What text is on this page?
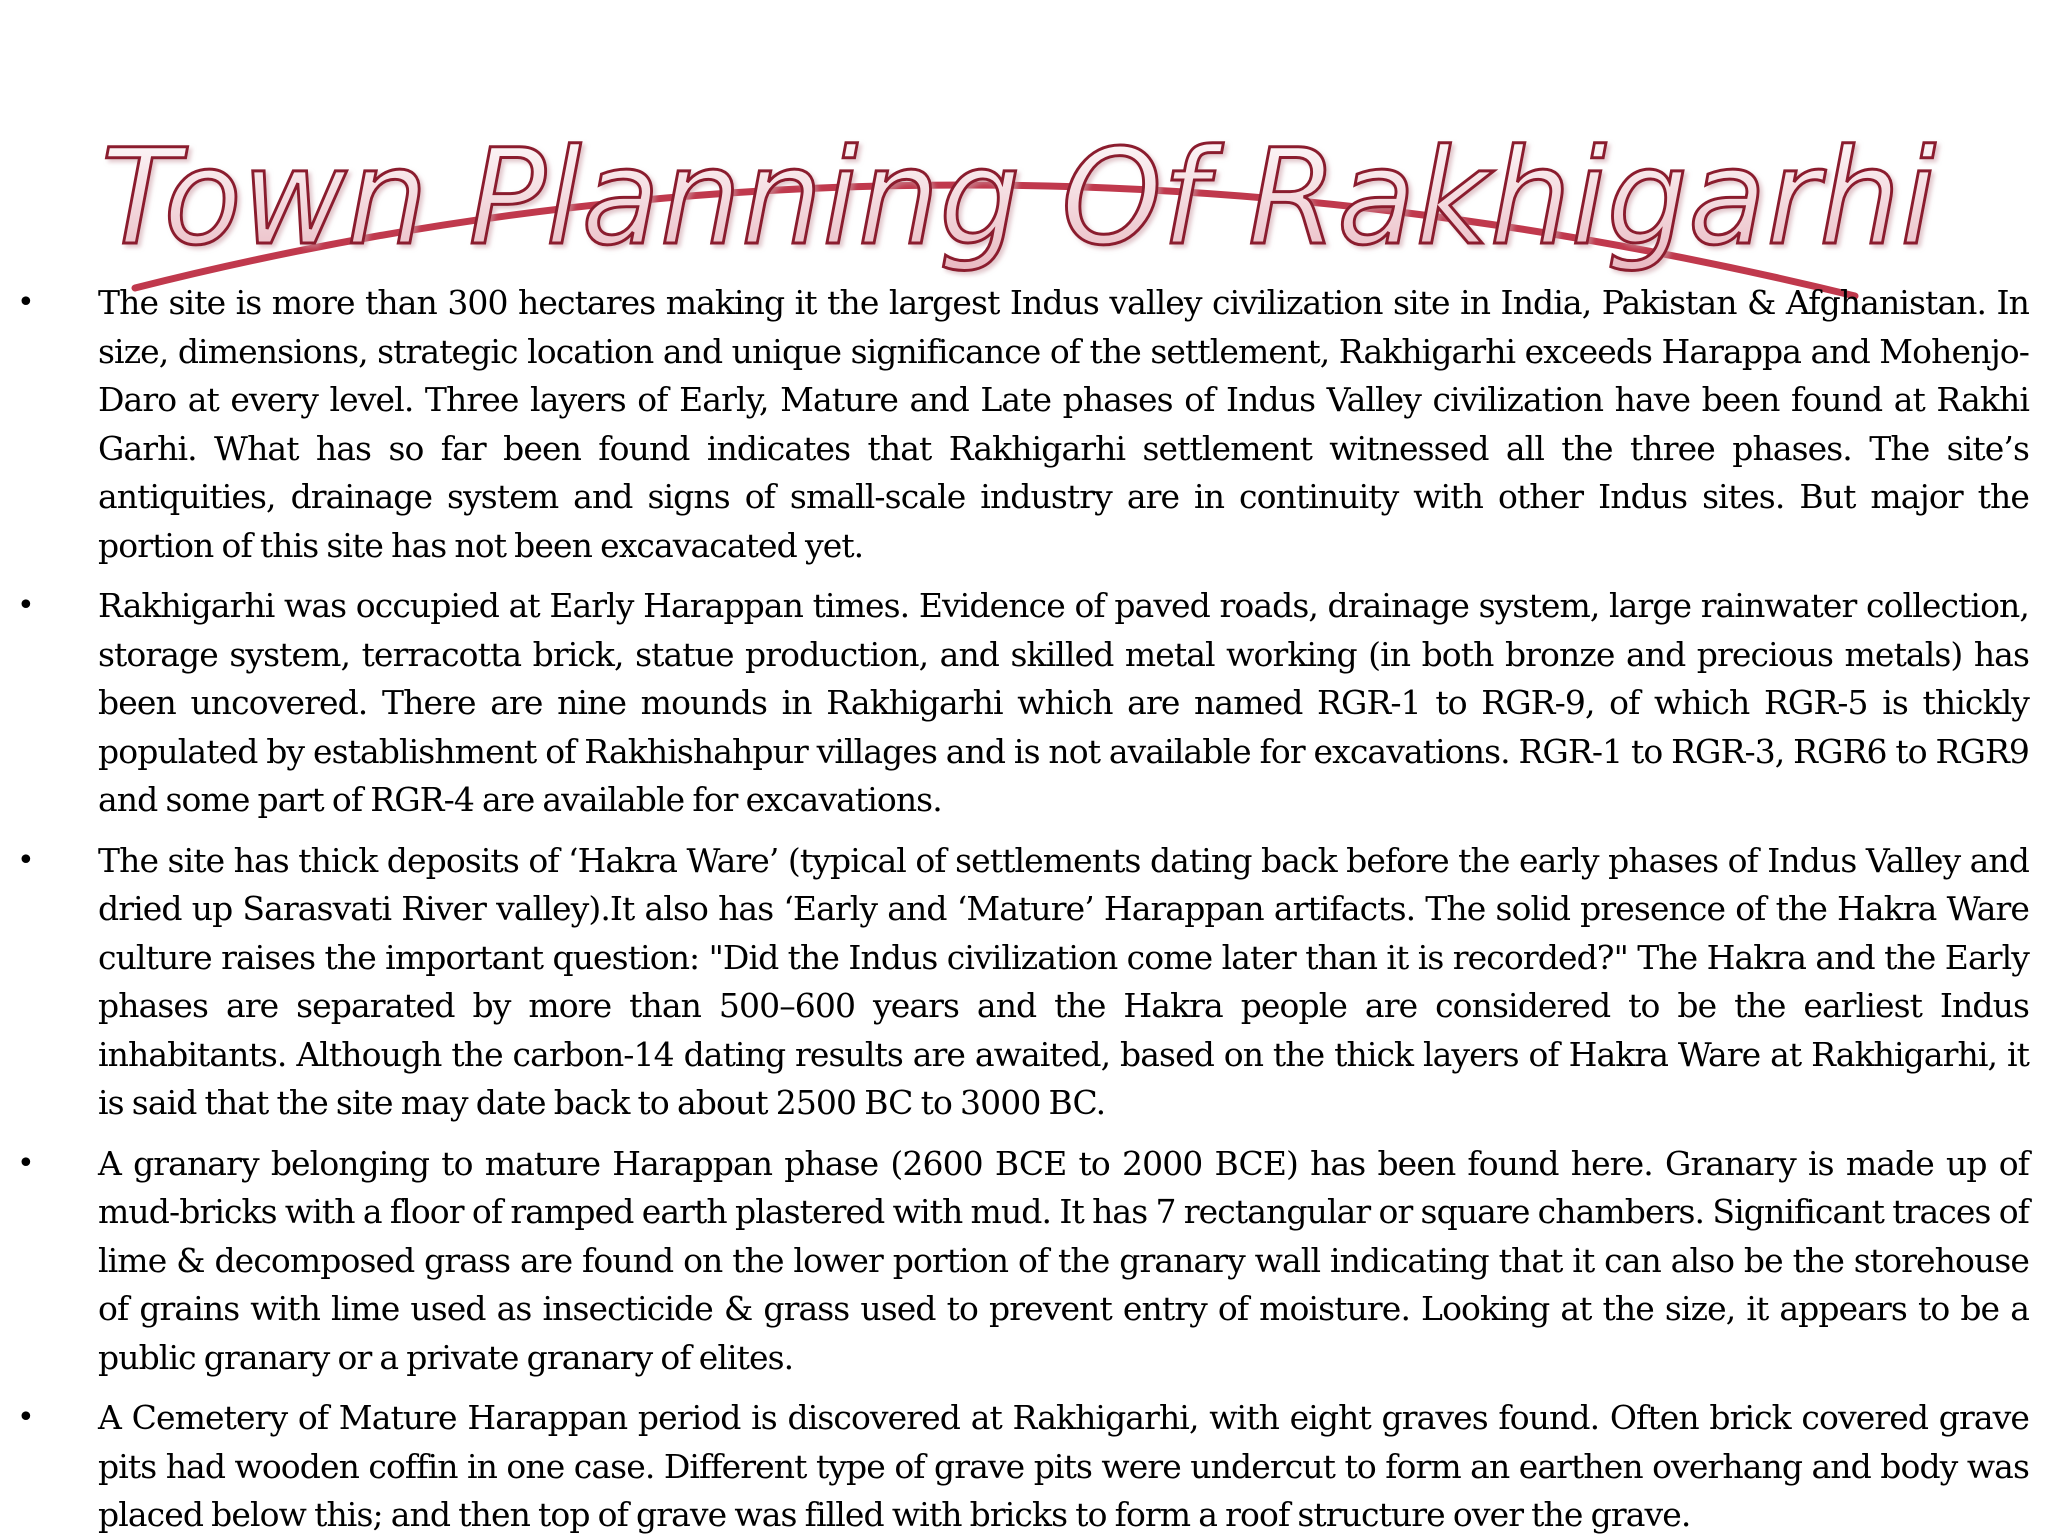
Town Planning Of Rakhigarhi
• The site is more than 300 hectares making it the largest Indus valley civilization site in India, Pakistan & Afghanistan. In size, dimensions, strategic location and unique significance of the settlement, Rakhigarhi exceeds Harappa and Mohenjo-Daro at every level. Three layers of Early, Mature and Late phases of Indus Valley civilization have been found at Rakhi Garhi. What has so far been found indicates that Rakhigarhi settlement witnessed all the three phases. The site’s antiquities, drainage system and signs of small-scale industry are in continuity with other Indus sites. But major the portion of this site has not been excavacated yet.
• Rakhigarhi was occupied at Early Harappan times. Evidence of paved roads, drainage system, large rainwater collection, storage system, terracotta brick, statue production, and skilled metal working (in both bronze and precious metals) has been uncovered. There are nine mounds in Rakhigarhi which are named RGR-1 to RGR-9, of which RGR-5 is thickly populated by establishment of Rakhishahpur villages and is not available for excavations. RGR-1 to RGR-3, RGR6 to RGR9 and some part of RGR-4 are available for excavations.
• The site has thick deposits of ‘Hakra Ware’ (typical of settlements dating back before the early phases of Indus Valley and dried up Sarasvati River valley).It also has ‘Early and ‘Mature’ Harappan artifacts. The solid presence of the Hakra Ware culture raises the important question: "Did the Indus civilization come later than it is recorded?" The Hakra and the Early phases are separated by more than 500–600 years and the Hakra people are considered to be the earliest Indus inhabitants. Although the carbon-14 dating results are awaited, based on the thick layers of Hakra Ware at Rakhigarhi, it is said that the site may date back to about 2500 BC to 3000 BC.
• A granary belonging to mature Harappan phase (2600 BCE to 2000 BCE) has been found here. Granary is made up of mud-bricks with a floor of ramped earth plastered with mud. It has 7 rectangular or square chambers. Significant traces of lime & decomposed grass are found on the lower portion of the granary wall indicating that it can also be the storehouse of grains with lime used as insecticide & grass used to prevent entry of moisture. Looking at the size, it appears to be a public granary or a private granary of elites.
• A Cemetery of Mature Harappan period is discovered at Rakhigarhi, with eight graves found. Often brick covered grave pits had wooden coffin in one case. Different type of grave pits were undercut to form an earthen overhang and body was placed below this; and then top of grave was filled with bricks to form a roof structure over the grave.
